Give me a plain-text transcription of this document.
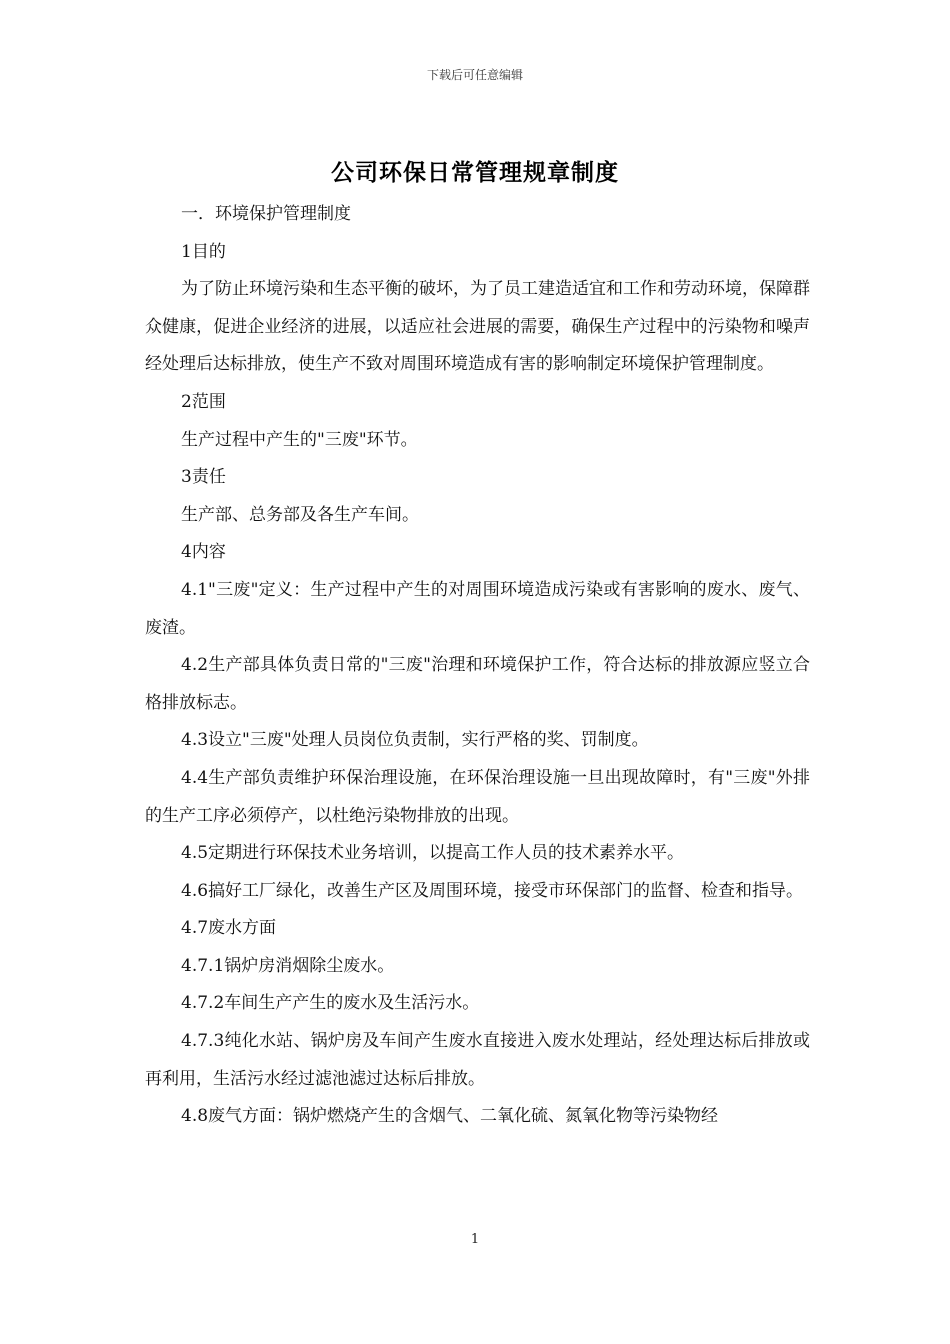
下载后可任意编辑
公司环保日常管理规章制度

一．环境保护管理制度

1目的

为了防止环境污染和生态平衡的破坏，为了员工建造适宜和工作和劳动环境，保障群众健康，促进企业经济的进展，以适应社会进展的需要，确保生产过程中的污染物和噪声经处理后达标排放，使生产不致对周围环境造成有害的影响制定环境保护管理制度。

2范围

生产过程中产生的"三废"环节。

3责任

生产部、总务部及各生产车间。

4内容

4.1"三废"定义：生产过程中产生的对周围环境造成污染或有害影响的废水、废气、废渣。

4.2生产部具体负责日常的"三废"治理和环境保护工作，符合达标的排放源应竖立合格排放标志。

4.3设立"三废"处理人员岗位负责制，实行严格的奖、罚制度。

4.4生产部负责维护环保治理设施，在环保治理设施一旦出现故障时，有"三废"外排的生产工序必须停产，以杜绝污染物排放的出现。

4.5定期进行环保技术业务培训，以提高工作人员的技术素养水平。

4.6搞好工厂绿化，改善生产区及周围环境，接受市环保部门的监督、检查和指导。

4.7废水方面

4.7.1锅炉房消烟除尘废水。

4.7.2车间生产产生的废水及生活污水。

4.7.3纯化水站、锅炉房及车间产生废水直接进入废水处理站，经处理达标后排放或再利用，生活污水经过滤池滤过达标后排放。

4.8废气方面：锅炉燃烧产生的含烟气、二氧化硫、氮氧化物等污染物经

1
